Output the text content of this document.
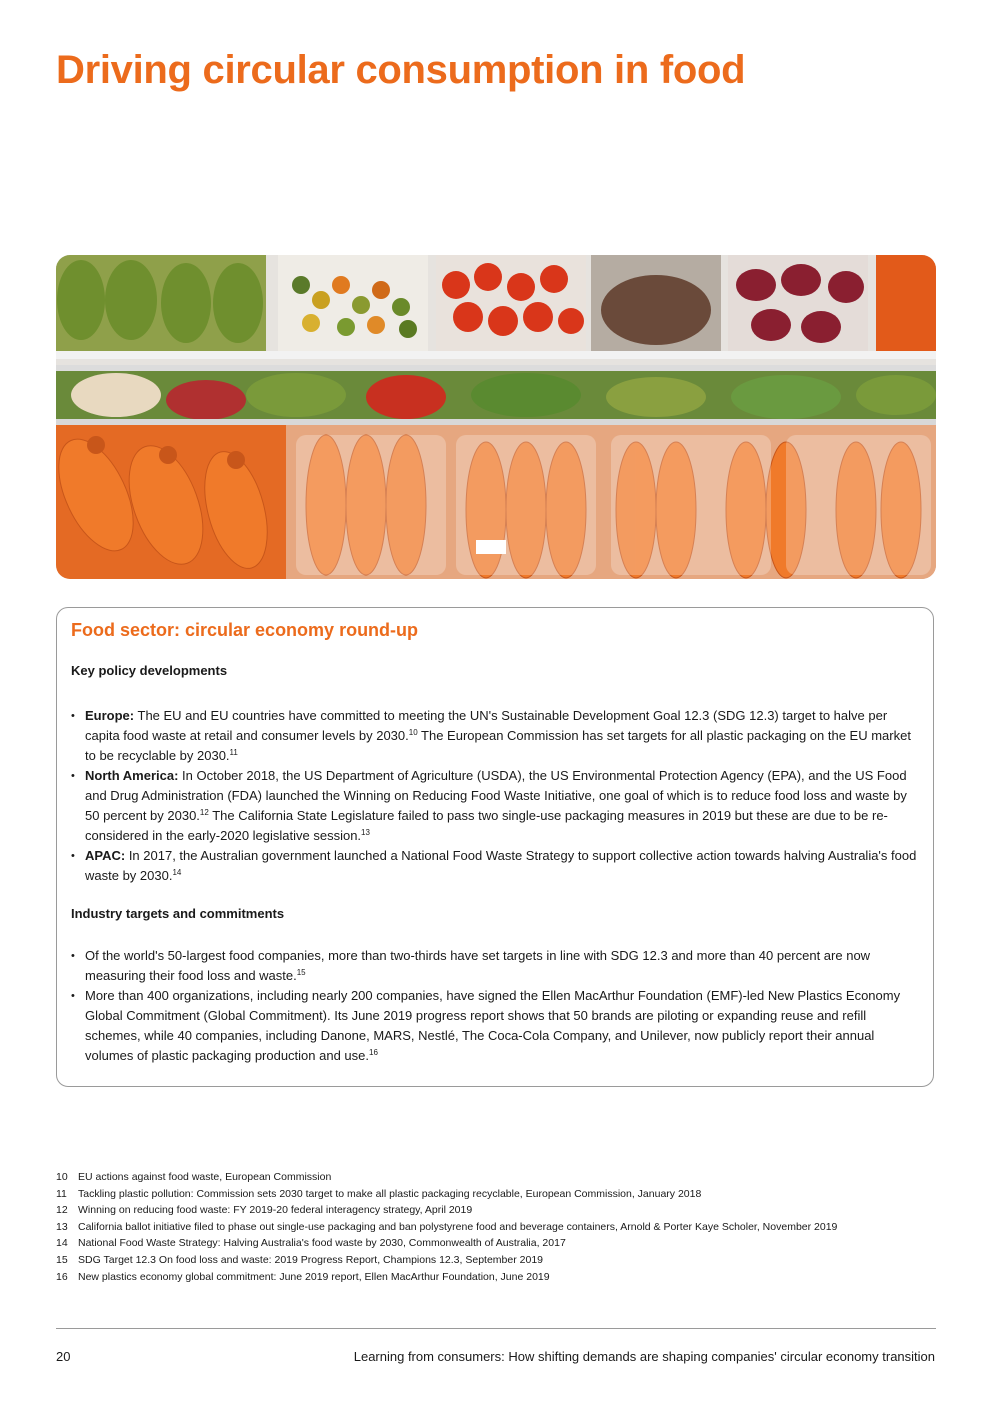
Driving circular consumption in food
Food sector: circular economy round-up
Key policy developments
• Europe: The EU and EU countries have committed to meeting the UN's Sustainable Development Goal 12.3 (SDG 12.3) target to halve per capita food waste at retail and consumer levels by 2030.10 The European Commission has set targets for all plastic packaging on the EU market to be recyclable by 2030.11
• North America: In October 2018, the US Department of Agriculture (USDA), the US Environmental Protection Agency (EPA), and the US Food and Drug Administration (FDA) launched the Winning on Reducing Food Waste Initiative, one goal of which is to reduce food loss and waste by 50 percent by 2030.12 The California State Legislature failed to pass two single-use packaging measures in 2019 but these are due to be re-considered in the early-2020 legislative session.$^{13}$
• APAC: In 2017, the Australian government launched a National Food Waste Strategy to support collective action towards halving Australia's food waste by 2030.14
Industry targets and commitments
• Of the world's 50-largest food companies, more than two-thirds have set targets in line with SDG 12.3 and more than 40 percent are now measuring their food loss and waste.$^{15}$
• More than 400 organizations, including nearly 200 companies, have signed the Ellen MacArthur Foundation (EMF)-led New Plastics Economy Global Commitment (Global Commitment). Its June 2019 progress report shows that 50 brands are piloting or expanding reuse and refill schemes, while 40 companies, including Danone, MARS, Nestlé, The Coca-Cola Company, and Unilever, now publicly report their annual volumes of plastic packaging production and use.$^{16}$
10 EU actions against food waste, European Commission
11 Tackling plastic pollution: Commission sets 2030 target to make all plastic packaging recyclable, European Commission, January 2018
12 Winning on reducing food waste: FY 2019-20 federal interagency strategy, April 2019
13 California ballot initiative filed to phase out single-use packaging and ban polystyrene food and beverage containers, Arnold & Porter Kaye Scholer, November 2019
14 National Food Waste Strategy: Halving Australia's food waste by 2030, Commonwealth of Australia, 2017
15 SDG Target 12.3 On food loss and waste: 2019 Progress Report, Champions 12.3, September 2019
16 New plastics economy global commitment: June 2019 report, Ellen MacArthur Foundation, June 2019
20	Learning from consumers: How shifting demands are shaping companies' circular economy transition
